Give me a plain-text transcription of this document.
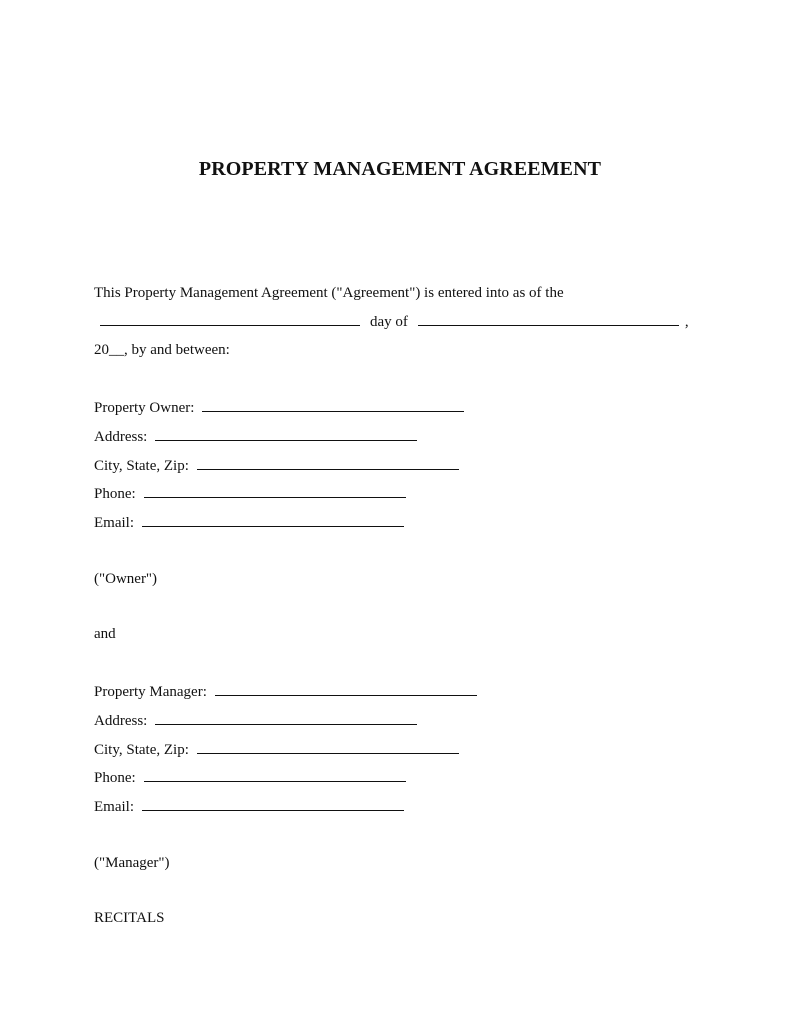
PROPERTY MANAGEMENT AGREEMENT
This Property Management Agreement ("Agreement") is entered into as of the
day of	,
20__, by and between:
Property Owner:
Address:
City, State, Zip:
Phone:
Email:
("Owner")
and
Property Manager:
Address:
City, State, Zip:
Phone:
Email:
("Manager")
RECITALS
